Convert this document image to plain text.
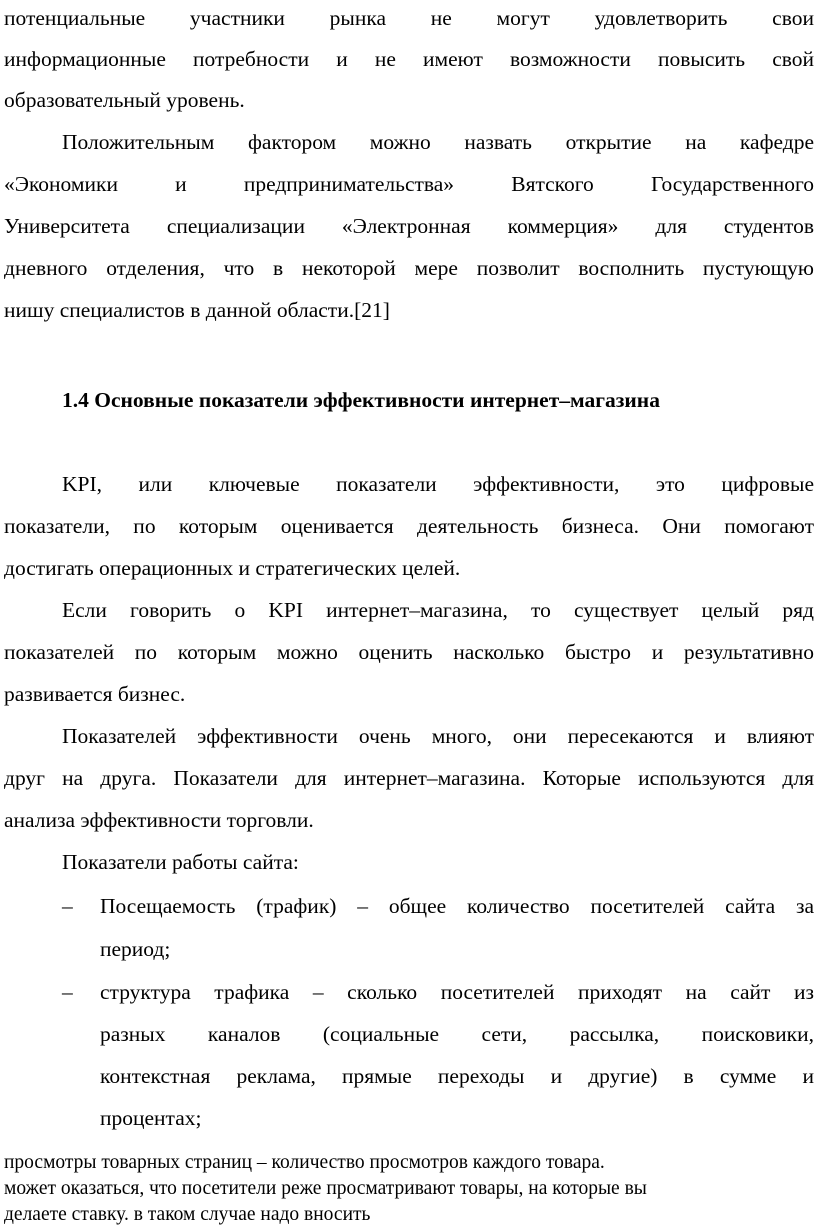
потенциальные участники рынка не могут удовлетворить свои
информационные потребности и не имеют возможности повысить свой
образовательный уровень.
Положительным фактором можно назвать открытие на кафедре
«Экономики и предпринимательства» Вятского Государственного
Университета специализации «Электронная коммерция» для студентов
дневного отделения, что в некоторой мере позволит восполнить пустующую
нишу специалистов в данной области.[21]
1.4 Основные показатели эффективности интернет–магазина
KPI, или ключевые показатели эффективности, это цифровые
показатели, по которым оценивается деятельность бизнеса. Они помогают
достигать операционных и стратегических целей.
Если говорить о KPI интернет–магазина, то существует целый ряд
показателей по которым можно оценить насколько быстро и результативно
развивается бизнес.
Показателей эффективности очень много, они пересекаются и влияют
друг на друга. Показатели для интернет–магазина. Которые используются для
анализа эффективности торговли.
Показатели работы сайта:
– Посещаемость (трафик) – общее количество посетителей сайта за
период;
– структура трафика – сколько посетителей приходят на сайт из
разных каналов (социальные сети, рассылка, поисковики,
контекстная реклама, прямые переходы и другие) в сумме и
процентах;
просмотры товарных страниц – количество просмотров каждого товара.
может оказаться, что посетители реже просматривают товары, на которые вы
делаете ставку. в таком случае надо вносить
